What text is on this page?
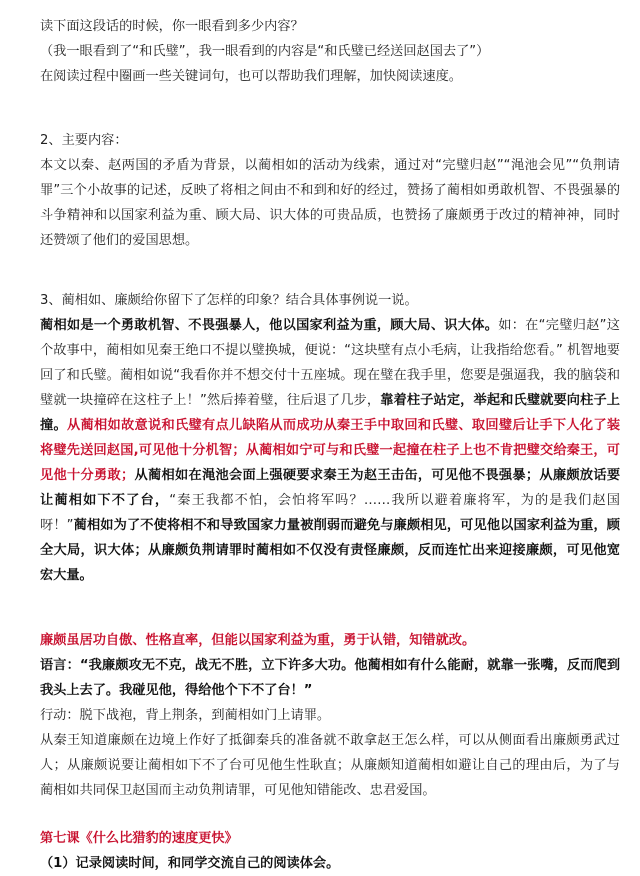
读下面这段话的时候，你一眼看到多少内容？

（我一眼看到了“和氏璧”，我一眼看到的内容是“和氏璧已经送回赵国去了”）

在阅读过程中圈画一些关键词句，也可以帮助我们理解，加快阅读速度。

2、主要内容：

本文以秦、赵两国的矛盾为背景，以蔺相如的活动为线索，通过对“完璧归赵”“渑池会见”“负荆请罪”三个小故事的记述，反映了将相之间由不和到和好的经过，赞扬了蔺相如勇敢机智、不畏强暴的斗争精神和以国家利益为重、顾大局、识大体的可贵品质，也赞扬了廉颇勇于改过的精神神，同时还赞颂了他们的爱国思想。

3、蔺相如、廉颇给你留下了怎样的印象？结合具体事例说一说。

蔺相如是一个勇敢机智、不畏强暴人，他以国家利益为重，顾大局、识大体。如：在“完璧归赵”这个故事中，蔺相如见秦王绝口不提以璧换城，便说：“这块壁有点小毛病，让我指给您看。” 机智地要回了和氏璧。蔺相如说“我看你并不想交付十五座城。现在璧在我手里，您要是强逼我，我的脑袋和璧就一块撞碎在这柱子上！”然后捧着璧，往后退了几步，靠着柱子站定，举起和氏璧就要向柱子上撞。从蔺相如故意说和氏璧有点儿缺陷从而成功从秦王手中取回和氏璧、取回璧后让手下人化了装将璧先送回赵国,可见他十分机智；从蔺相如宁可与和氏璧一起撞在柱子上也不肯把璧交给秦王，可见他十分勇敢；从蔺相如在渑池会面上强硬要求秦王为赵王击缶，可见他不畏强暴；从廉颇放话要让蔺相如下不了台，“秦王我都不怕，会怕将军吗？……我所以避着廉将军，为的是我们赵国呀！”蔺相如为了不使将相不和导致国家力量被削弱而避免与廉颇相见，可见他以国家利益为重，顾全大局，识大体；从廉颇负荆请罪时蔺相如不仅没有责怪廉颇，反而连忙出来迎接廉颇，可见他宽宏大量。

廉颇虽居功自傲、性格直率，但能以国家利益为重，勇于认错，知错就改。

语言：“我廉颇攻无不克，战无不胜，立下许多大功。他蔺相如有什么能耐，就靠一张嘴，反而爬到我头上去了。我碰见他，得给他个下不了台！”

行动：脱下战袍，背上荆条，到蔺相如门上请罪。

从秦王知道廉颇在边境上作好了抵御秦兵的准备就不敢拿赵王怎么样，可以从侧面看出廉颇勇武过人；从廉颇说要让蔺相如下不了台可见他生性耿直；从廉颇知道蔺相如避让自己的理由后，为了与蔺相如共同保卫赵国而主动负荆请罪，可见他知错能改、忠君爱国。

第七课《什么比猎豹的速度更快》

（1）记录阅读时间，和同学交流自己的阅读体会。
